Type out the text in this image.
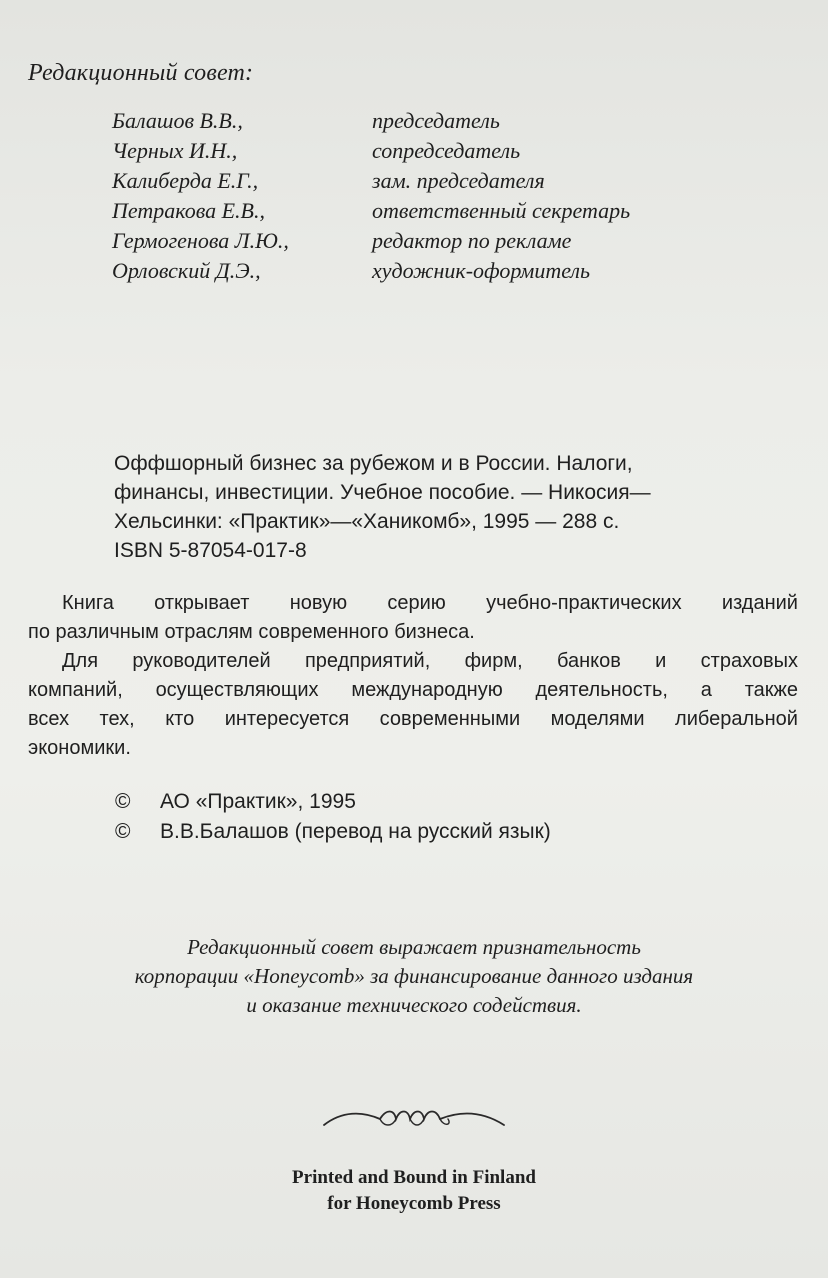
Редакционный совет:
Балашов В.В.,	председатель
Черных И.Н.,	сопредседатель
Калиберда Е.Г.,	зам. председателя
Петракова Е.В.,	ответственный секретарь
Гермогенова Л.Ю.,	редактор по рекламе
Орловский Д.Э.,	художник-оформитель
Оффшорный бизнес за рубежом и в России. Налоги,
финансы, инвестиции. Учебное пособие. — Никосия—
Хельсинки: «Практик»—«Ханикомб», 1995 — 288 с.
ISBN 5-87054-017-8
Книга открывает новую серию учебно-практических изданий
по различным отраслям современного бизнеса.
Для руководителей предприятий, фирм, банков и страховых
компаний, осуществляющих международную деятельность, а также
всех тех, кто интересуется современными моделями либеральной
экономики.
© АО «Практик», 1995
© В.В.Балашов (перевод на русский язык)
Редакционный совет выражает признательность
корпорации «Honeycomb» за финансирование данного издания
и оказание технического содействия.
Printed and Bound in Finland
for Honeycomb Press
